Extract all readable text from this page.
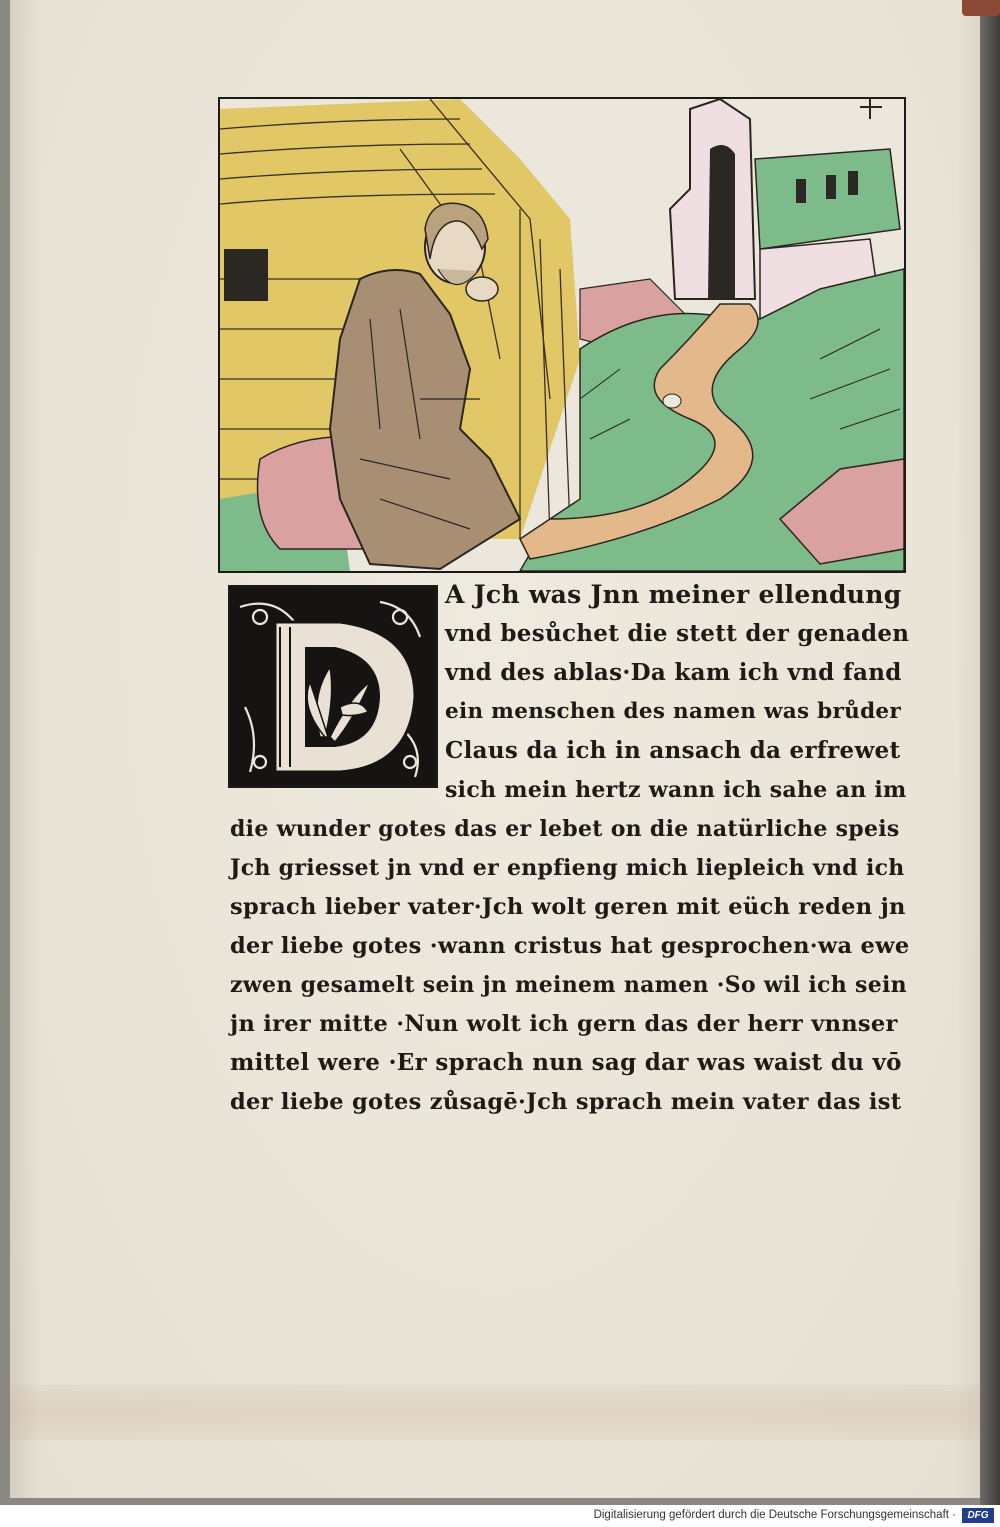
A Jch was Jnn meiner ellendung

vnd besůchet die stett der genaden

vnd des ablas·Da kam ich vnd fand

ein menschen des namen was brůder

Claus da ich in ansach da erfrewet

sich mein hertz wann ich sahe an im

die wunder gotes das er lebet on die natürliche speis

Jch griesset jn vnd er enpfieng mich liepleich vnd ich

sprach lieber vater·Jch wolt geren mit eüch reden jn

der liebe gotes ·wann cristus hat gesprochen·wa ewe

zwen gesamelt sein jn meinem namen ·So wil ich sein

jn irer mitte ·Nun wolt ich gern das der herr vnnser

mittel were ·Er sprach nun sag dar was waist du vō

der liebe gotes zůsagē·Jch sprach mein vater das ist

Digitalisierung gefördert durch die Deutsche Forschungsgemeinschaft ·	DFG
